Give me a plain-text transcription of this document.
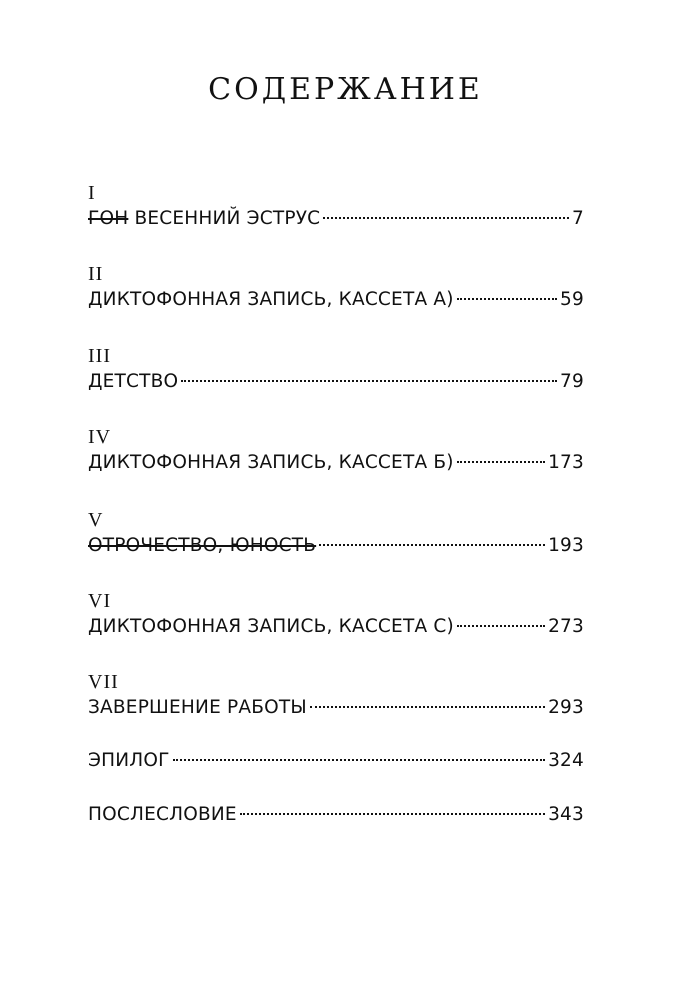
СОДЕРЖАНИЕ
I
ГОН ВЕСЕННИЙ ЭСТРУС	7
II
ДИКТОФОННАЯ ЗАПИСЬ, КАССЕТА А)	59
III
ДЕТСТВО	79
IV
ДИКТОФОННАЯ ЗАПИСЬ, КАССЕТА Б)	173
V
ОТРОЧЕСТВО, ЮНОСТЬ	193
VI
ДИКТОФОННАЯ ЗАПИСЬ, КАССЕТА С)	273
VII
ЗАВЕРШЕНИЕ РАБОТЫ	293
ЭПИЛОГ	324
ПОСЛЕСЛОВИЕ	343
